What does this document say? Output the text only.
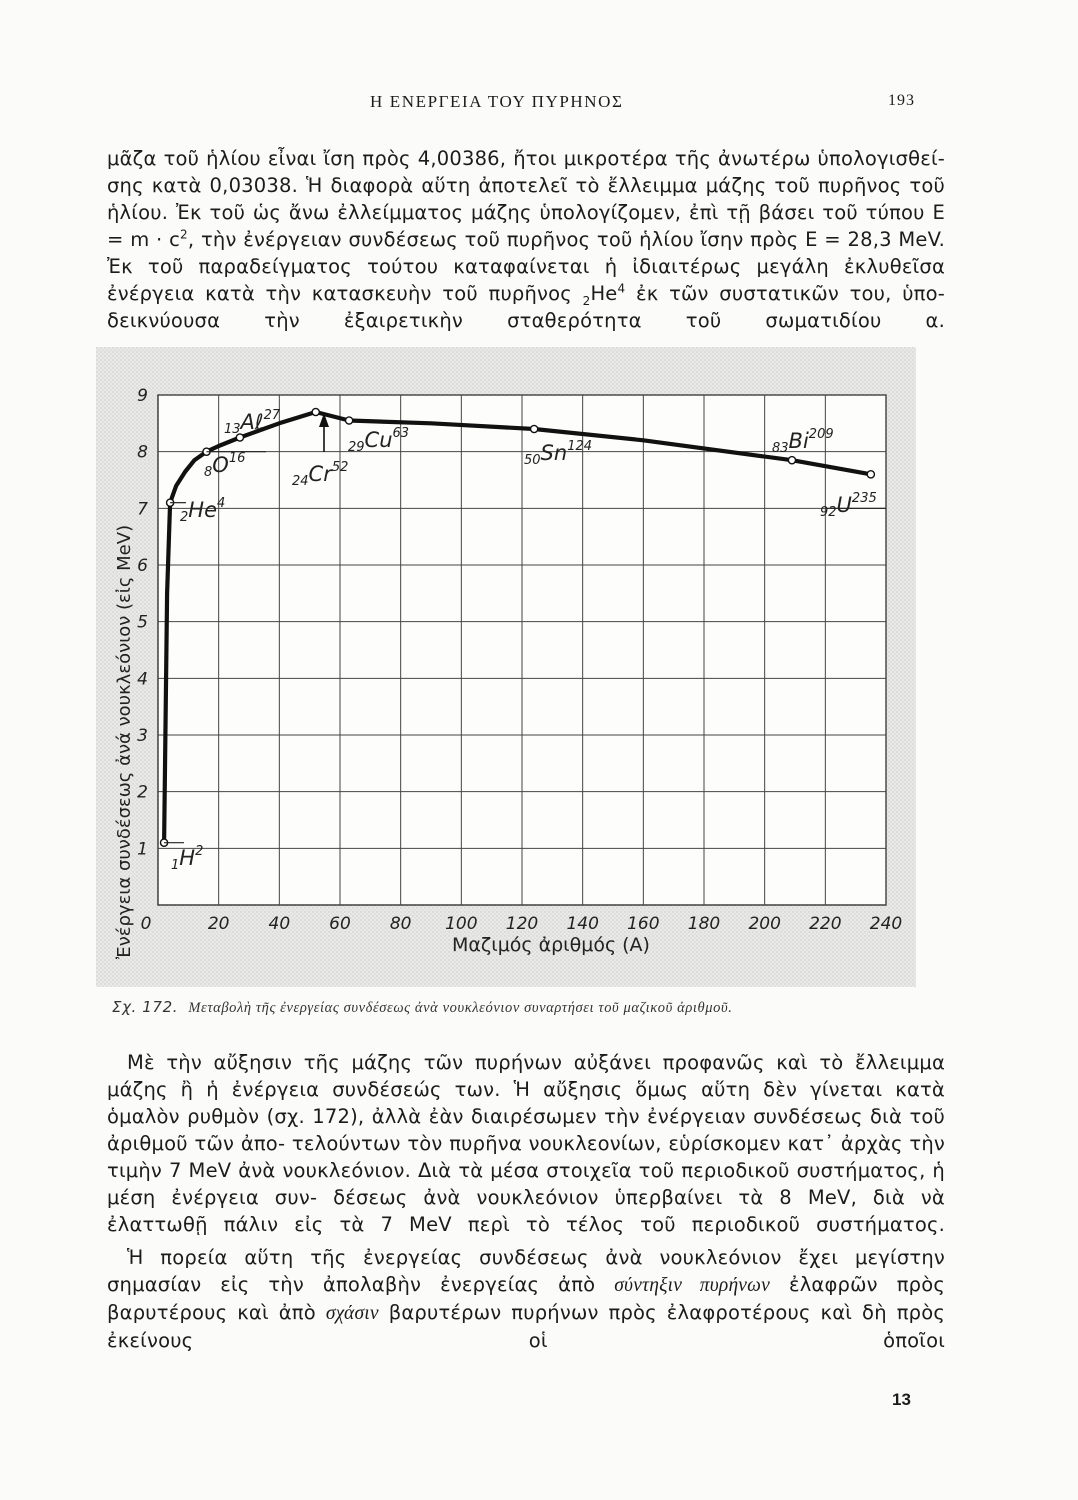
Η ΕΝΕΡΓΕΙΑ ΤΟΥ ΠΥΡΗΝΟΣ	193

μᾶζα τοῦ ἡλίου εἶναι ἴση πρὸς 4,00386, ἤτοι μικροτέρα τῆς ἀνωτέρω ὑπολογισθεί- σης κατὰ 0,03038. Ἡ διαφορὰ αὕτη ἀποτελεῖ τὸ ἔλλειμμα μάζης τοῦ πυρῆνος τοῦ ἡλίου. Ἐκ τοῦ ὡς ἄνω ἐλλείμματος μάζης ὑπολογίζομεν, ἐπὶ τῇ βάσει τοῦ τύπου $E = m \cdot c^2$, τὴν ἐνέργειαν συνδέσεως τοῦ πυρῆνος τοῦ ἡλίου ἴσην πρὸς E = 28,3 MeV. Ἐκ τοῦ παραδείγματος τούτου καταφαίνεται ἡ ἰδιαιτέρως μεγάλη ἐκλυθεῖσα ἐνέργεια κατὰ τὴν κατασκευὴν τοῦ πυρῆνος $_2He^4$ ἐκ τῶν συστατικῶν του, ὑπο- δεικνύουσα τὴν ἐξαιρετικὴν σταθερότητα τοῦ σωματιδίου α.

20 40 60 80 100 120 140 160 180 200 220 240
1
2
3
4
5
6
7
8
9
0
$1H^2$
2He$^4$
$8O^{16}$
13Aℓ$^{27}$
24Cr$^{52}$
29Cu$^{63}$
50Sn$^{124}$	83Bi$^{209}$
$92U^{235}$
Μαζιμός ἀριθμός (A)
Ἐνέργεια συνδέσεως ἀνά νουκλεόνιον (εἰς MeV)
Σχ. 172. Μεταβολὴ τῆς ἐνεργείας συνδέσεως ἀνὰ νουκλεόνιον συναρτήσει τοῦ μαζικοῦ ἀριθμοῦ.

Μὲ τὴν αὔξησιν τῆς μάζης τῶν πυρήνων αὐξάνει προφανῶς καὶ τὸ ἔλλειμμα μάζης ἢ ἡ ἐνέργεια συνδέσεώς των. Ἡ αὔξησις ὅμως αὕτη δὲν γίνεται κατὰ ὁμαλὸν ρυθμὸν (σχ. 172), ἀλλὰ ἐὰν διαιρέσωμεν τὴν ἐνέργειαν συνδέσεως διὰ τοῦ ἀριθμοῦ τῶν ἀπο- τελούντων τὸν πυρῆνα νουκλεονίων, εὑρίσκομεν κατ᾽ ἀρχὰς τὴν τιμὴν 7 MeV ἀνὰ νουκλεόνιον. Διὰ τὰ μέσα στοιχεῖα τοῦ περιοδικοῦ συστήματος, ἡ μέση ἐνέργεια συν- δέσεως ἀνὰ νουκλεόνιον ὑπερβαίνει τὰ 8 MeV, διὰ νὰ ἐλαττωθῇ πάλιν εἰς τὰ 7 MeV περὶ τὸ τέλος τοῦ περιοδικοῦ συστήματος.

Ἡ πορεία αὕτη τῆς ἐνεργείας συνδέσεως ἀνὰ νουκλεόνιον ἔχει μεγίστην σημασίαν εἰς τὴν ἀπολαβὴν ἐνεργείας ἀπὸ σύντηξιν πυρήνων ἐλαφρῶν πρὸς βαρυτέρους καὶ ἀπὸ σχάσιν βαρυτέρων πυρήνων πρὸς ἐλαφροτέρους καὶ δὴ πρὸς ἐκείνους οἱ ὁποῖοι

13
